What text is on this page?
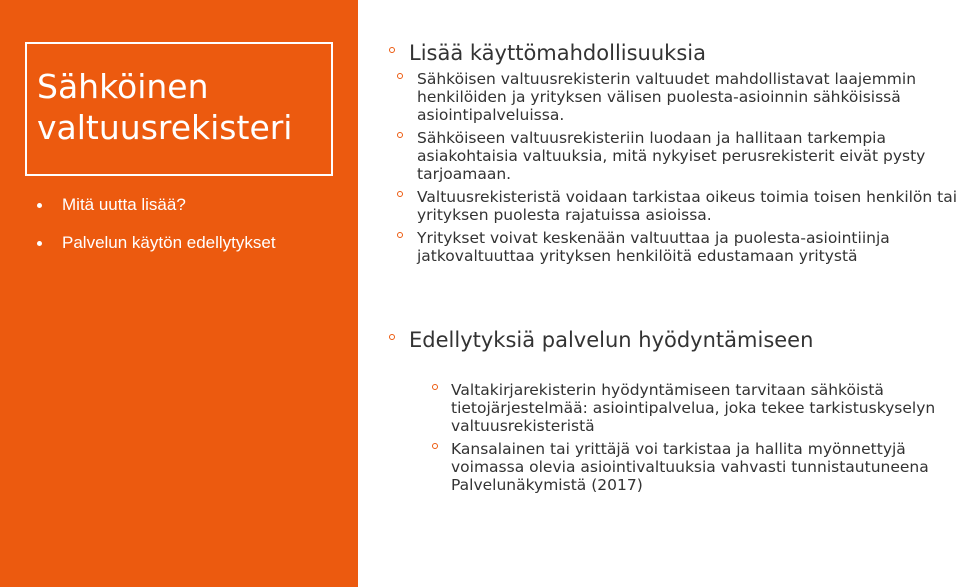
Sähköinen
valtuusrekisteri
Mitä uutta lisää?
Palvelun käytön edellytykset
Lisää käyttömahdollisuuksia
Sähköisen valtuusrekisterin valtuudet mahdollistavat laajemmin henkilöiden ja yrityksen välisen puolesta-asioinnin sähköisissä asiointipalveluissa.
Sähköiseen valtuusrekisteriin luodaan ja hallitaan tarkempia asiakohtaisia valtuuksia, mitä nykyiset perusrekisterit eivät pysty tarjoamaan.
Valtuusrekisteristä voidaan tarkistaa oikeus toimia toisen henkilön tai yrityksen puolesta rajatuissa asioissa.
Yritykset voivat keskenään valtuuttaa ja puolesta-asiointiinja jatkovaltuuttaa yrityksen henkilöitä edustamaan yritystä
Edellytyksiä palvelun hyödyntämiseen
Valtakirjarekisterin hyödyntämiseen tarvitaan sähköistä tietojärjestelmää: asiointipalvelua, joka tekee tarkistuskyselyn valtuusrekisteristä
Kansalainen tai yrittäjä voi tarkistaa ja hallita myönnettyjä voimassa olevia asiointivaltuuksia vahvasti tunnistautuneena Palvelunäkymistä (2017)
